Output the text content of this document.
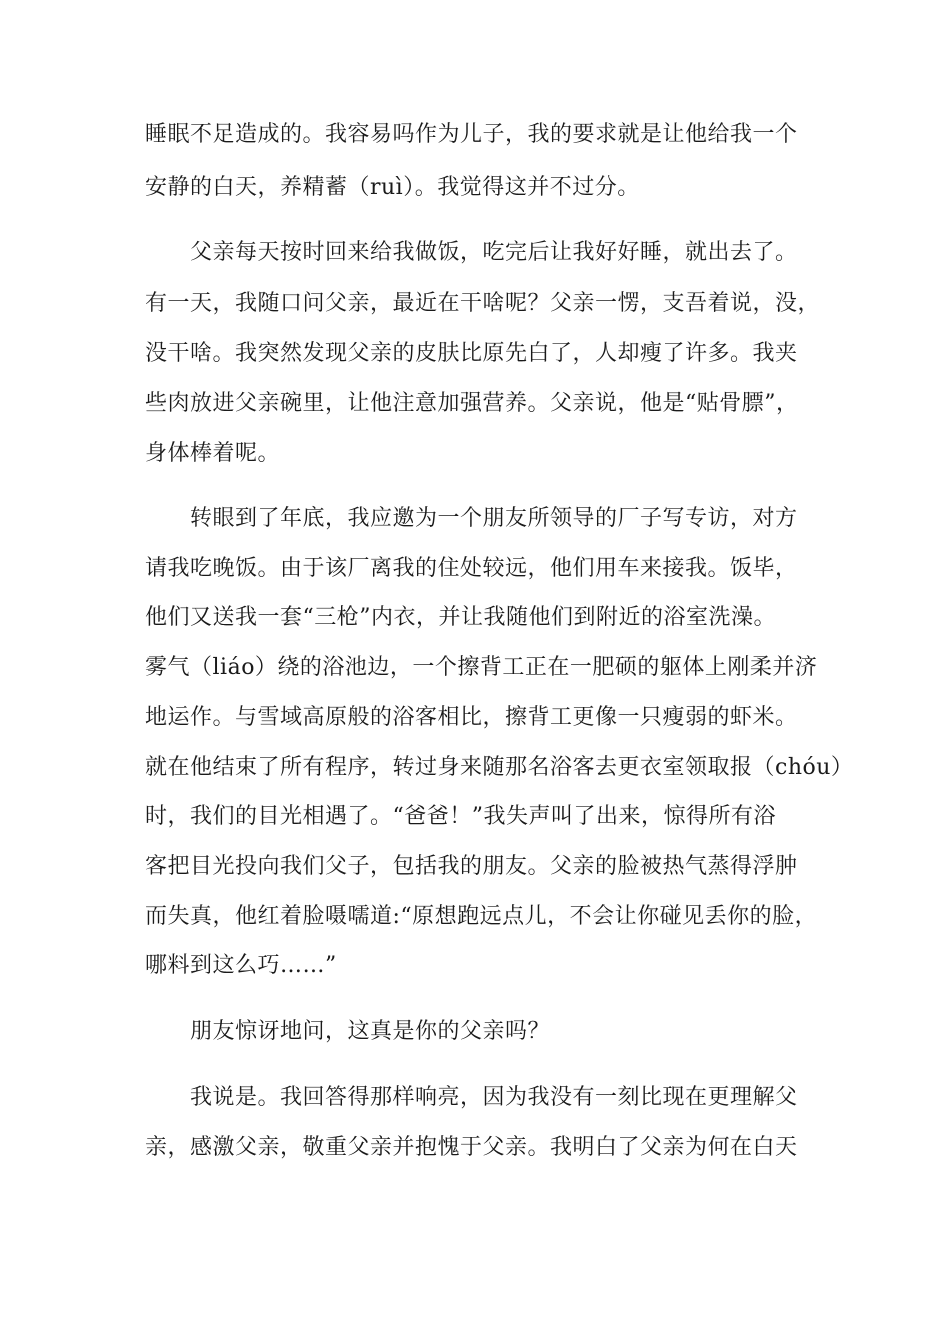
睡眠不足造成的。我容易吗作为儿子，我的要求就是让他给我一个
安静的白天，养精蓄（ruì）。我觉得这并不过分。
父亲每天按时回来给我做饭，吃完后让我好好睡，就出去了。
有一天，我随口问父亲，最近在干啥呢？父亲一愣，支吾着说，没，
没干啥。我突然发现父亲的皮肤比原先白了，人却瘦了许多。我夹
些肉放进父亲碗里，让他注意加强营养。父亲说，他是“贴骨膘”，
身体棒着呢。
转眼到了年底，我应邀为一个朋友所领导的厂子写专访，对方
请我吃晚饭。由于该厂离我的住处较远，他们用车来接我。饭毕，
他们又送我一套“三枪”内衣，并让我随他们到附近的浴室洗澡。
雾气（liáo）绕的浴池边，一个擦背工正在一肥硕的躯体上刚柔并济
地运作。与雪域高原般的浴客相比，擦背工更像一只瘦弱的虾米。
就在他结束了所有程序，转过身来随那名浴客去更衣室领取报（chóu）
时，我们的目光相遇了。“爸爸！”我失声叫了出来，惊得所有浴
客把目光投向我们父子，包括我的朋友。父亲的脸被热气蒸得浮肿
而失真，他红着脸嗫嚅道:“原想跑远点儿，不会让你碰见丢你的脸，
哪料到这么巧……”
朋友惊讶地问，这真是你的父亲吗？
我说是。我回答得那样响亮，因为我没有一刻比现在更理解父
亲，感激父亲，敬重父亲并抱愧于父亲。我明白了父亲为何在白天
